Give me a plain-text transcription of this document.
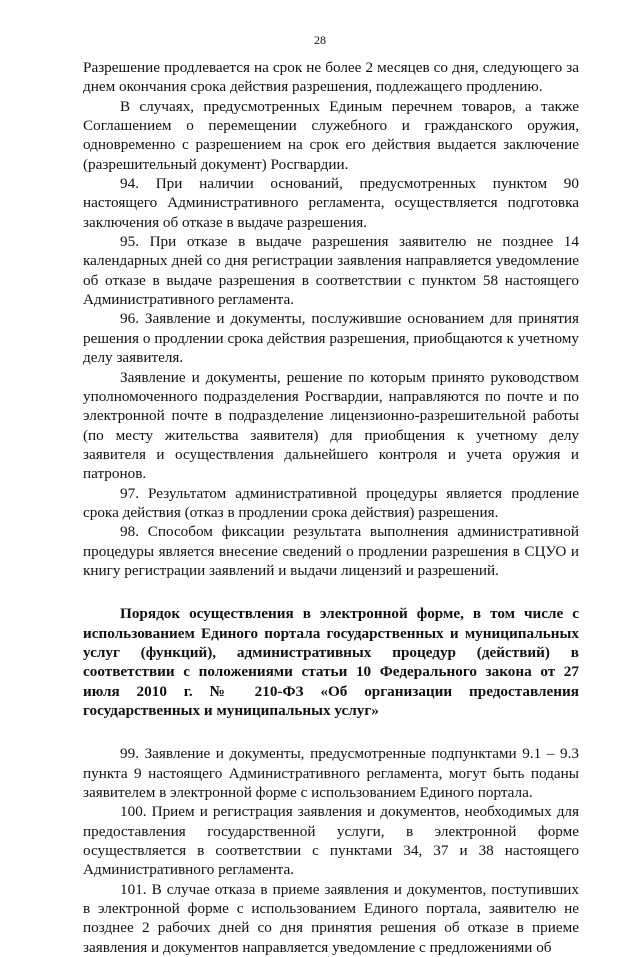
28

Разрешение продлевается на срок не более 2 месяцев со дня, следующего за днем окончания срока действия разрешения, подлежащего продлению.

В случаях, предусмотренных Единым перечнем товаров, а также Соглашением о перемещении служебного и гражданского оружия, одновременно с разрешением на срок его действия выдается заключение (разрешительный документ) Росгвардии.

94. При наличии оснований, предусмотренных пунктом 90 настоящего Административного регламента, осуществляется подготовка заключения об отказе в выдаче разрешения.

95. При отказе в выдаче разрешения заявителю не позднее 14 календарных дней со дня регистрации заявления направляется уведомление об отказе в выдаче разрешения в соответствии с пунктом 58 настоящего Административного регламента.

96. Заявление и документы, послужившие основанием для принятия решения о продлении срока действия разрешения, приобщаются к учетному делу заявителя.

Заявление и документы, решение по которым принято руководством уполномоченного подразделения Росгвардии, направляются по почте и по электронной почте в подразделение лицензионно-разрешительной работы (по месту жительства заявителя) для приобщения к учетному делу заявителя и осуществления дальнейшего контроля и учета оружия и патронов.

97. Результатом административной процедуры является продление срока действия (отказ в продлении срока действия) разрешения.

98. Способом фиксации результата выполнения административной процедуры является внесение сведений о продлении разрешения в СЦУО и книгу регистрации заявлений и выдачи лицензий и разрешений.

Порядок осуществления в электронной форме, в том числе с использованием Единого портала государственных и муниципальных услуг (функций), административных процедур (действий) в соответствии с положениями статьи 10 Федерального закона от 27 июля 2010 г. № 210-ФЗ «Об организации предоставления государственных и муниципальных услуг»

99. Заявление и документы, предусмотренные подпунктами 9.1 – 9.3 пункта 9 настоящего Административного регламента, могут быть поданы заявителем в электронной форме с использованием Единого портала.

100. Прием и регистрация заявления и документов, необходимых для предоставления государственной услуги, в электронной форме осуществляется в соответствии с пунктами 34, 37 и 38 настоящего Административного регламента.

101. В случае отказа в приеме заявления и документов, поступивших в электронной форме с использованием Единого портала, заявителю не позднее 2 рабочих дней со дня принятия решения об отказе в приеме заявления и документов направляется уведомление с предложениями об
